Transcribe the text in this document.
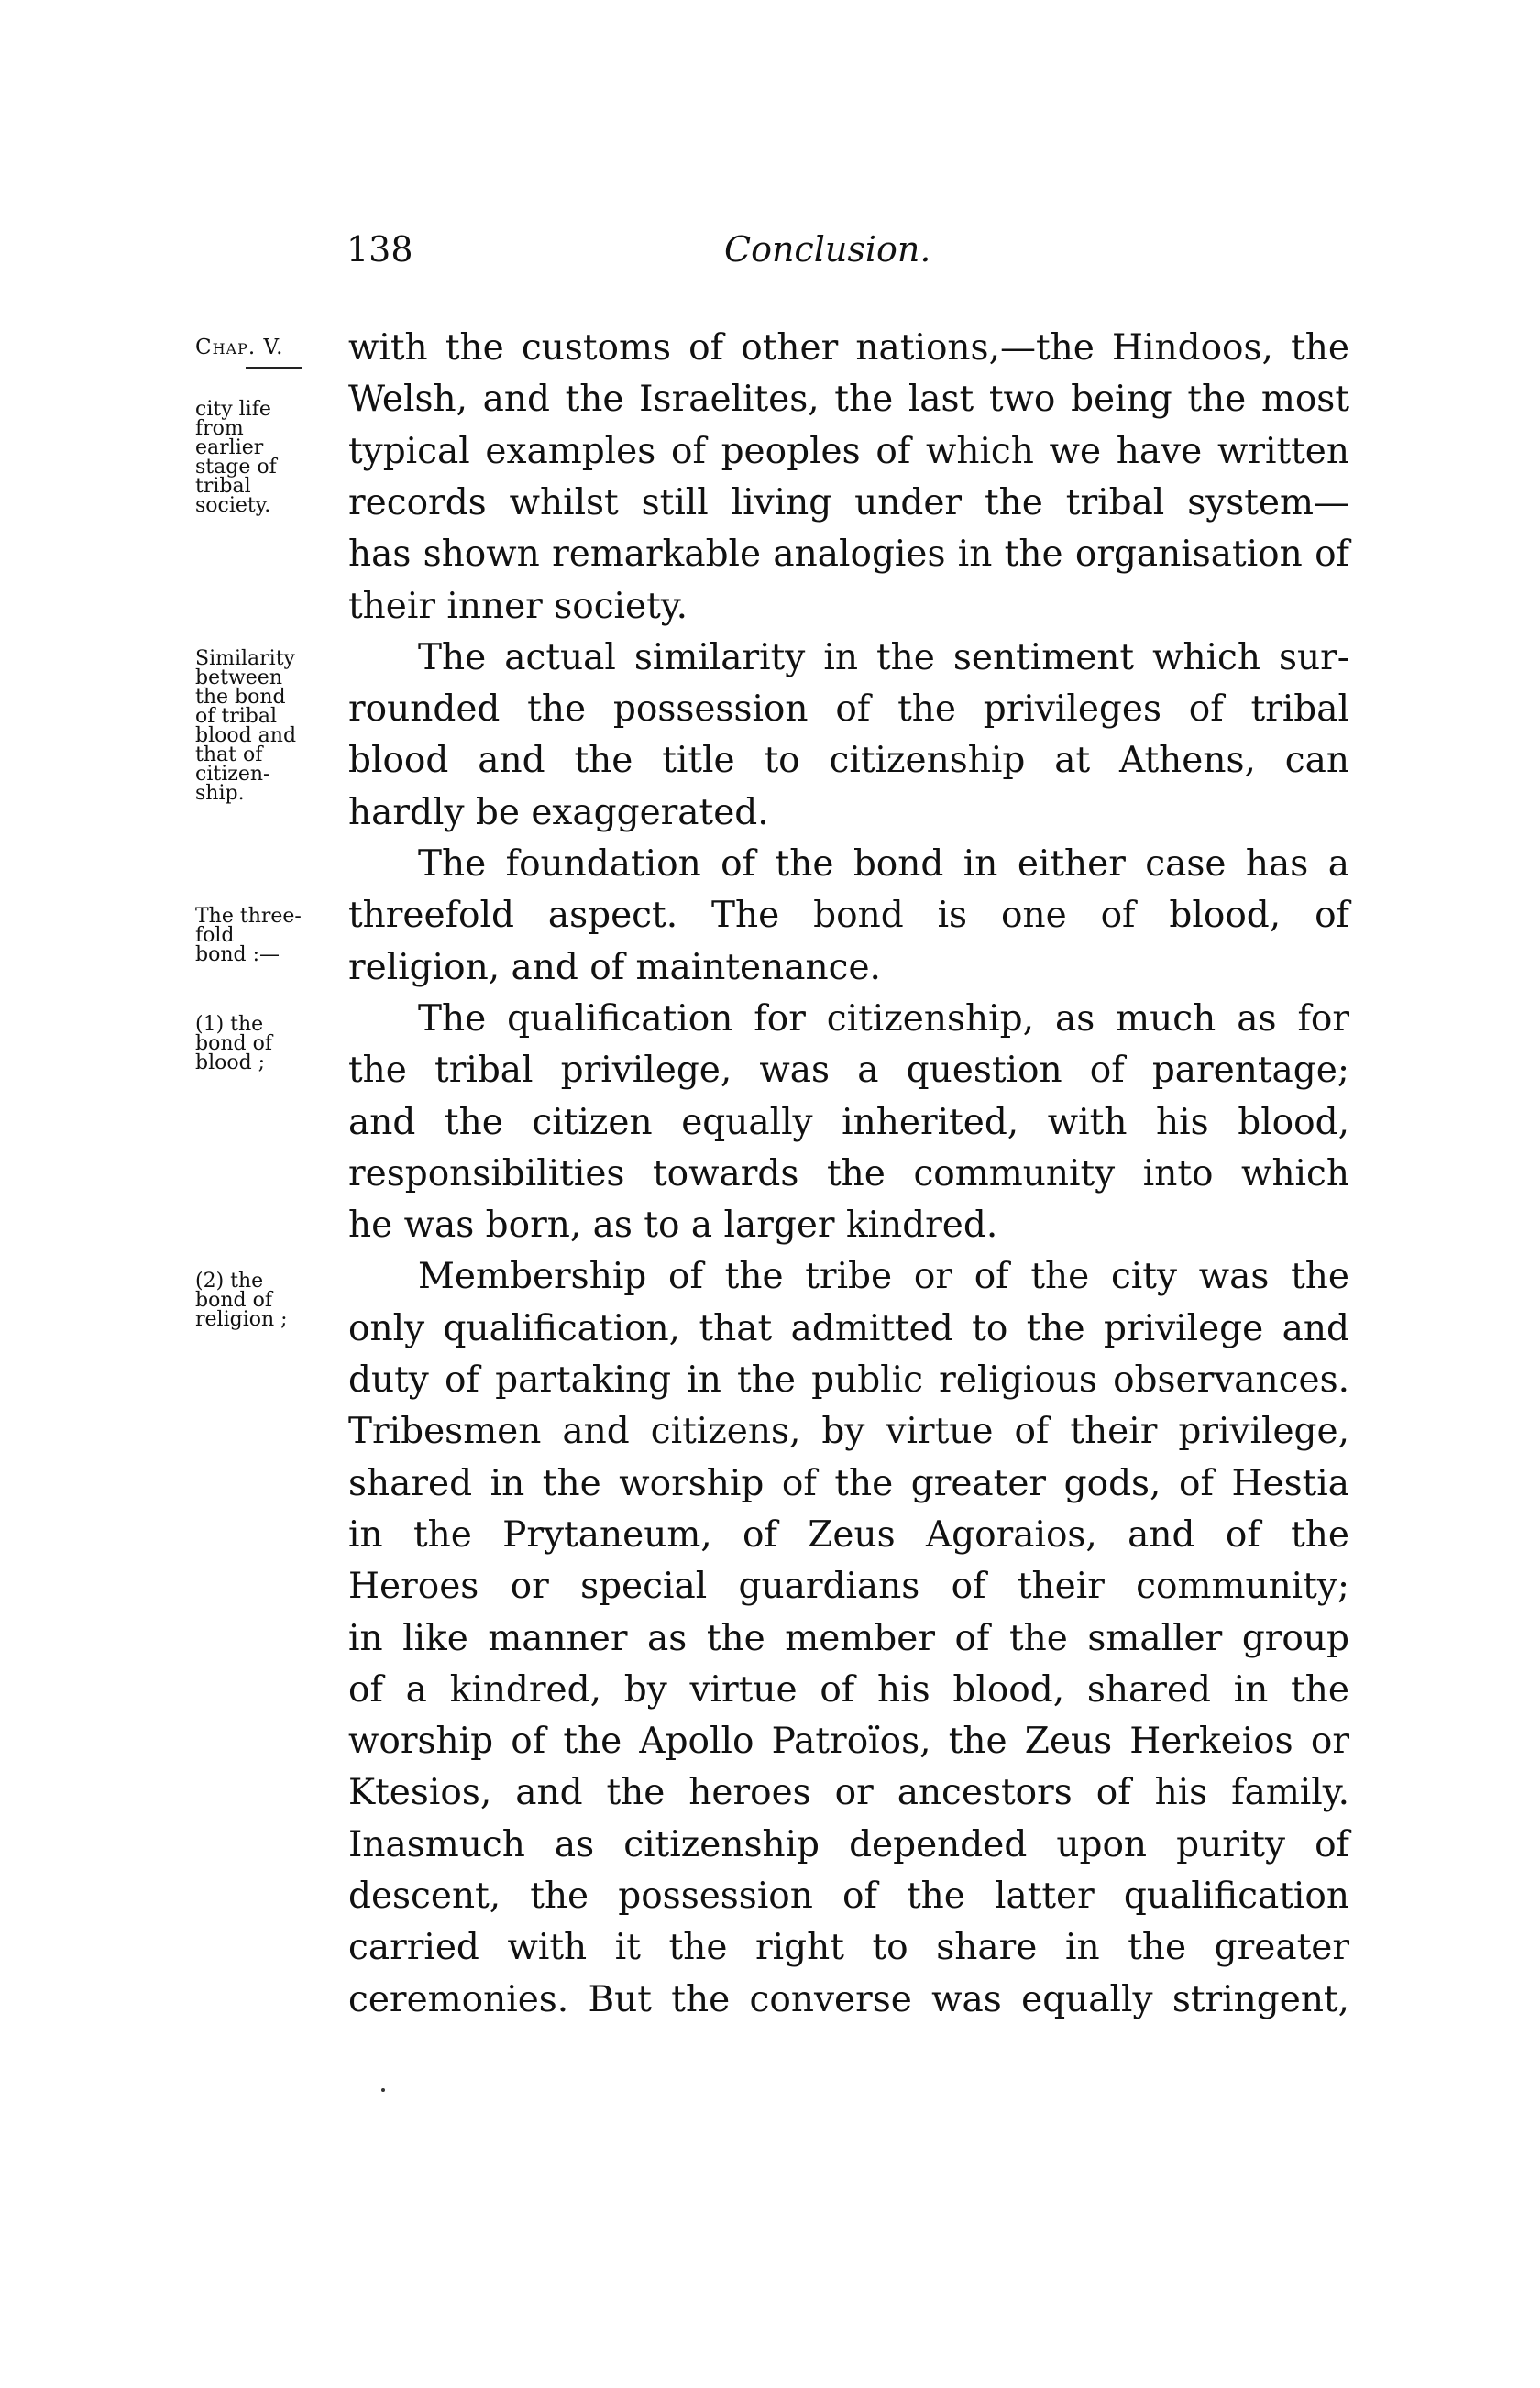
138	Conclusion.
Chap. V.
city life
from
earlier
stage of
tribal
society.
Similarity
between
the bond
of tribal
blood and
that of
citizen-
ship.
The three-
fold
bond :—
(1) the
bond of
blood ;
(2) the
bond of
religion ;
with the customs of other nations,—the Hindoos, the
Welsh, and the Israelites, the last two being the most
typical examples of peoples of which we have written
records whilst still living under the tribal system—
has shown remarkable analogies in the organisation of
their inner society.
The actual similarity in the sentiment which sur-
rounded the possession of the privileges of tribal
blood and the title to citizenship at Athens, can
hardly be exaggerated.
The foundation of the bond in either case has a
threefold aspect. The bond is one of blood, of
religion, and of maintenance.
The qualification for citizenship, as much as for
the tribal privilege, was a question of parentage;
and the citizen equally inherited, with his blood,
responsibilities towards the community into which
he was born, as to a larger kindred.
Membership of the tribe or of the city was the
only qualification, that admitted to the privilege and
duty of partaking in the public religious observances.
Tribesmen and citizens, by virtue of their privilege,
shared in the worship of the greater gods, of Hestia
in the Prytaneum, of Zeus Agoraios, and of the
Heroes or special guardians of their community;
in like manner as the member of the smaller group
of a kindred, by virtue of his blood, shared in the
worship of the Apollo Patroïos, the Zeus Herkeios or
Ktesios, and the heroes or ancestors of his family.
Inasmuch as citizenship depended upon purity of
descent, the possession of the latter qualification
carried with it the right to share in the greater
ceremonies. But the converse was equally stringent,
